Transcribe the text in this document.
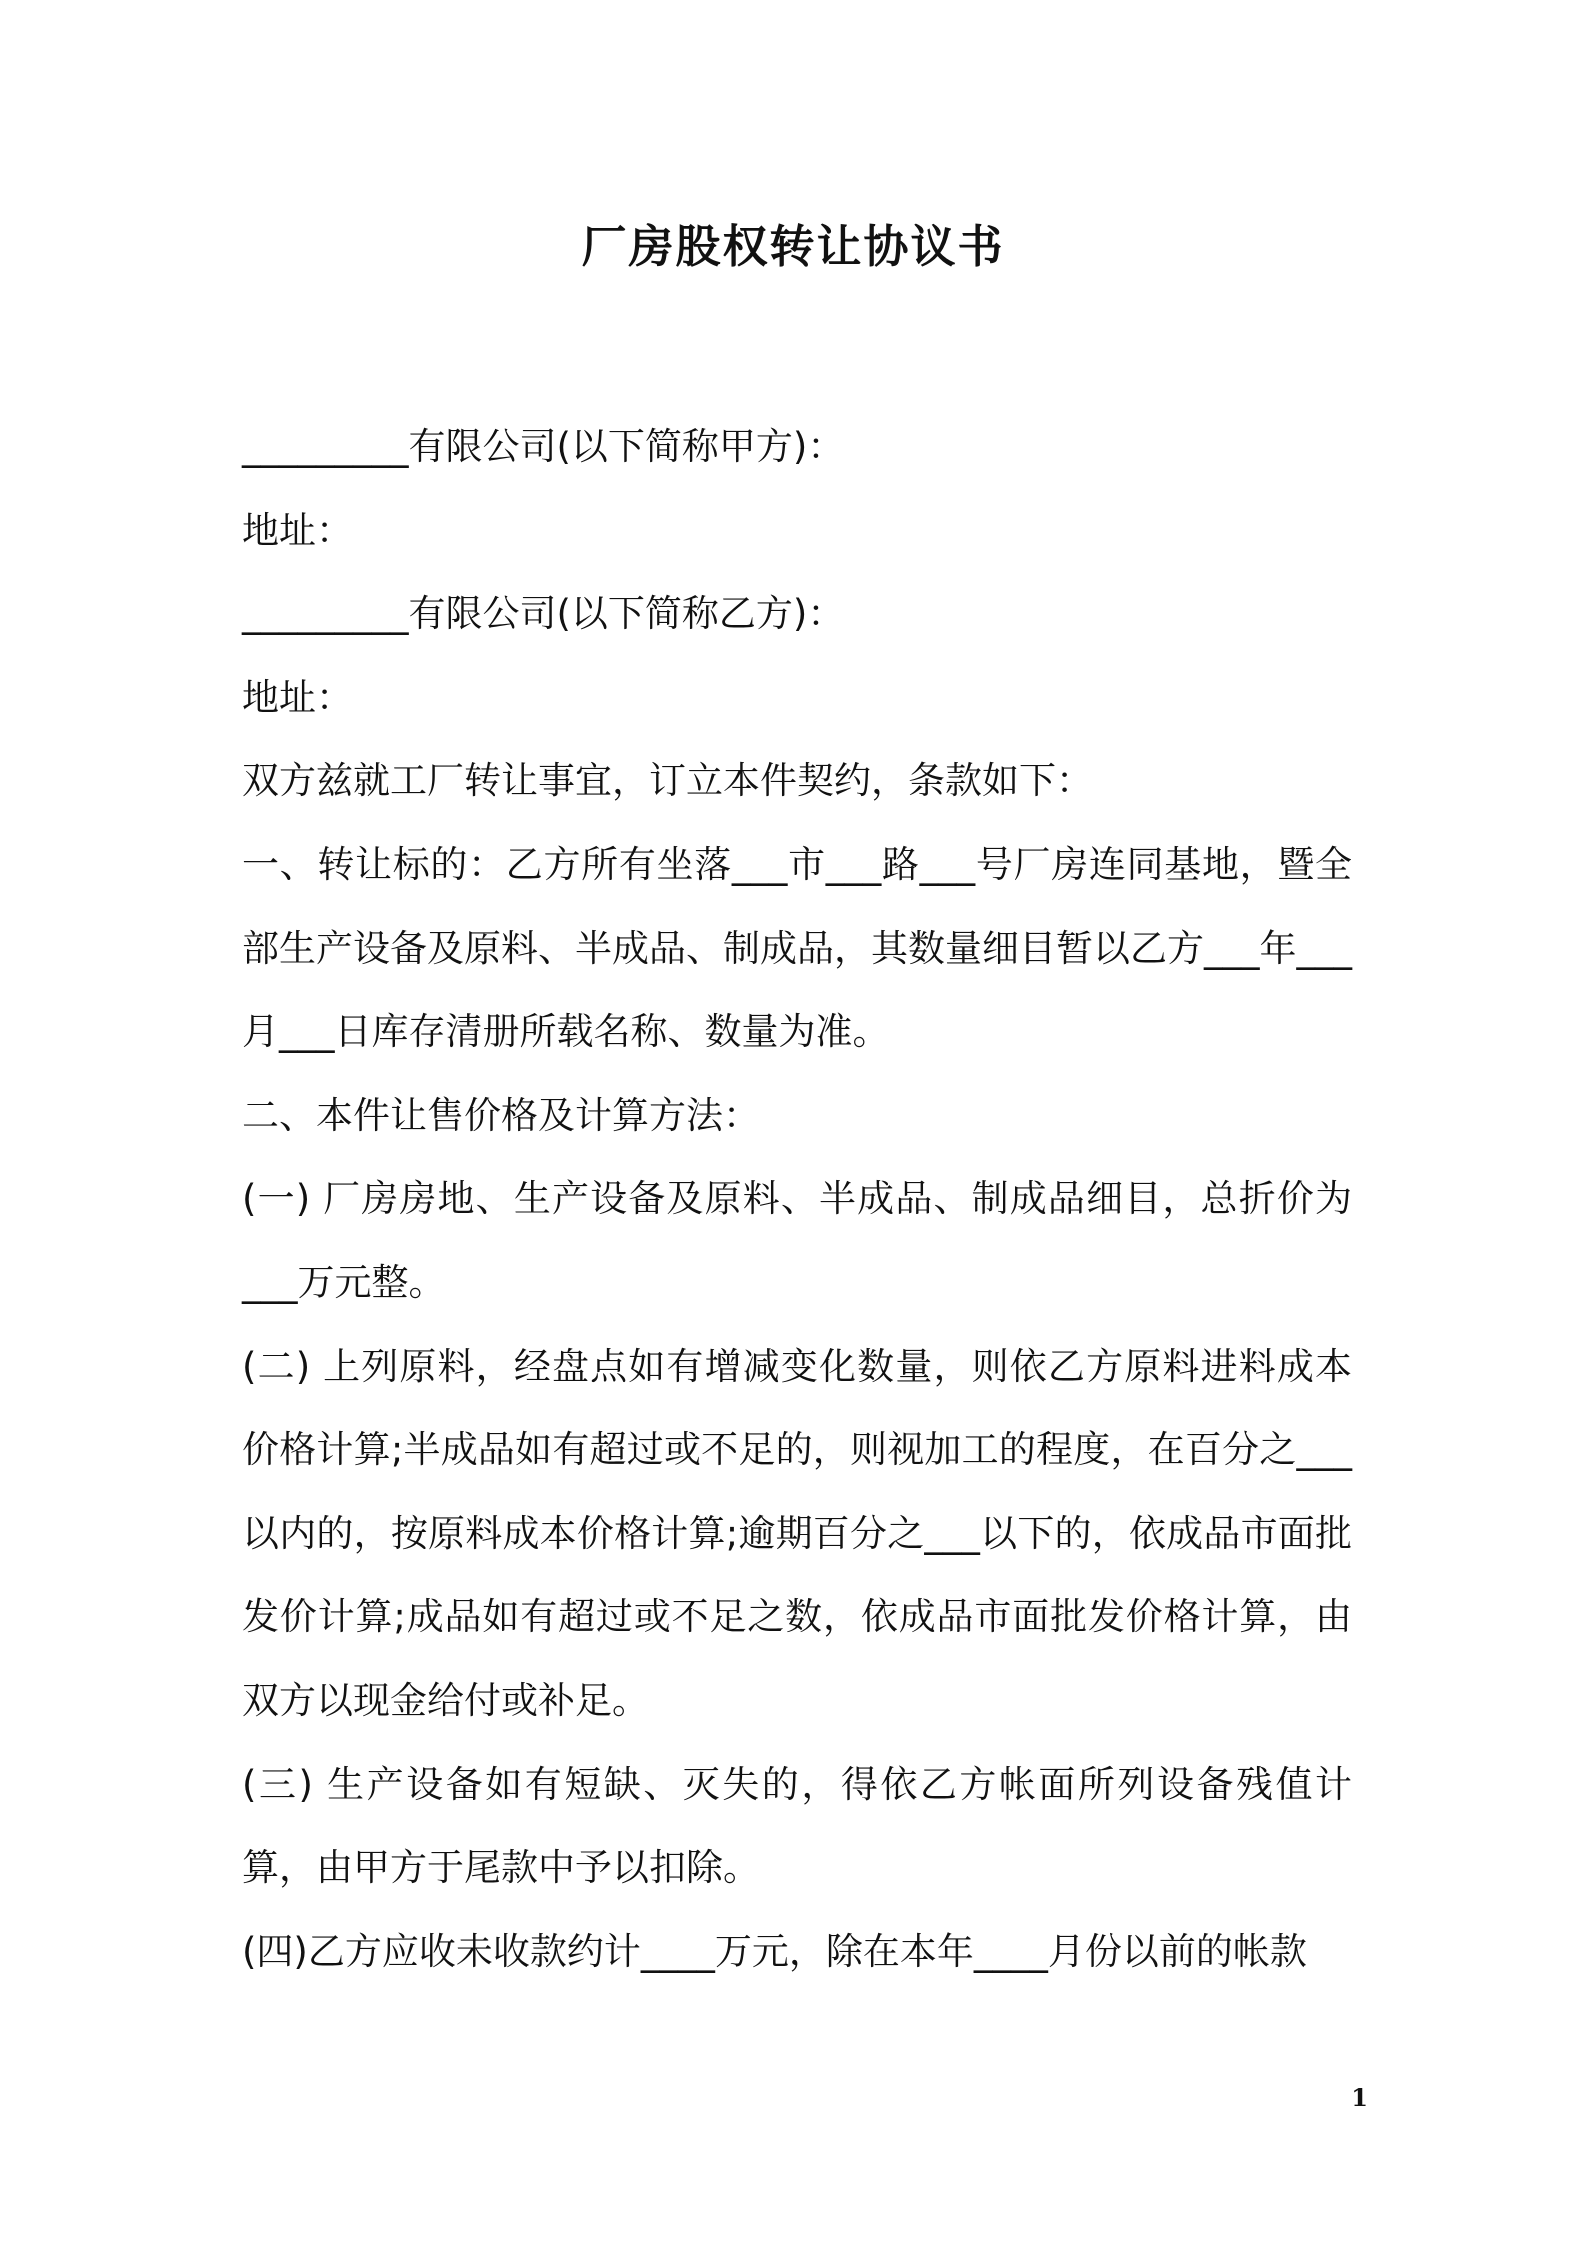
厂房股权转让协议书

_________有限公司(以下简称甲方)：

地址：

_________有限公司(以下简称乙方)：

地址：

双方兹就工厂转让事宜，订立本件契约，条款如下：

一、转让标的：乙方所有坐落___市___路___号厂房连同基地，暨全部生产设备及原料、半成品、制成品，其数量细目暂以乙方___年___月___日库存清册所载名称、数量为准。

二、本件让售价格及计算方法：

(一) 厂房房地、生产设备及原料、半成品、制成品细目，总折价为___万元整。

(二) 上列原料，经盘点如有增减变化数量，则依乙方原料进料成本价格计算;半成品如有超过或不足的，则视加工的程度，在百分之___以内的，按原料成本价格计算;逾期百分之___以下的，依成品市面批发价计算;成品如有超过或不足之数，依成品市面批发价格计算，由双方以现金给付或补足。

(三) 生产设备如有短缺、灭失的，得依乙方帐面所列设备残值计算，由甲方于尾款中予以扣除。

(四)乙方应收未收款约计____万元，除在本年____月份以前的帐款

1
